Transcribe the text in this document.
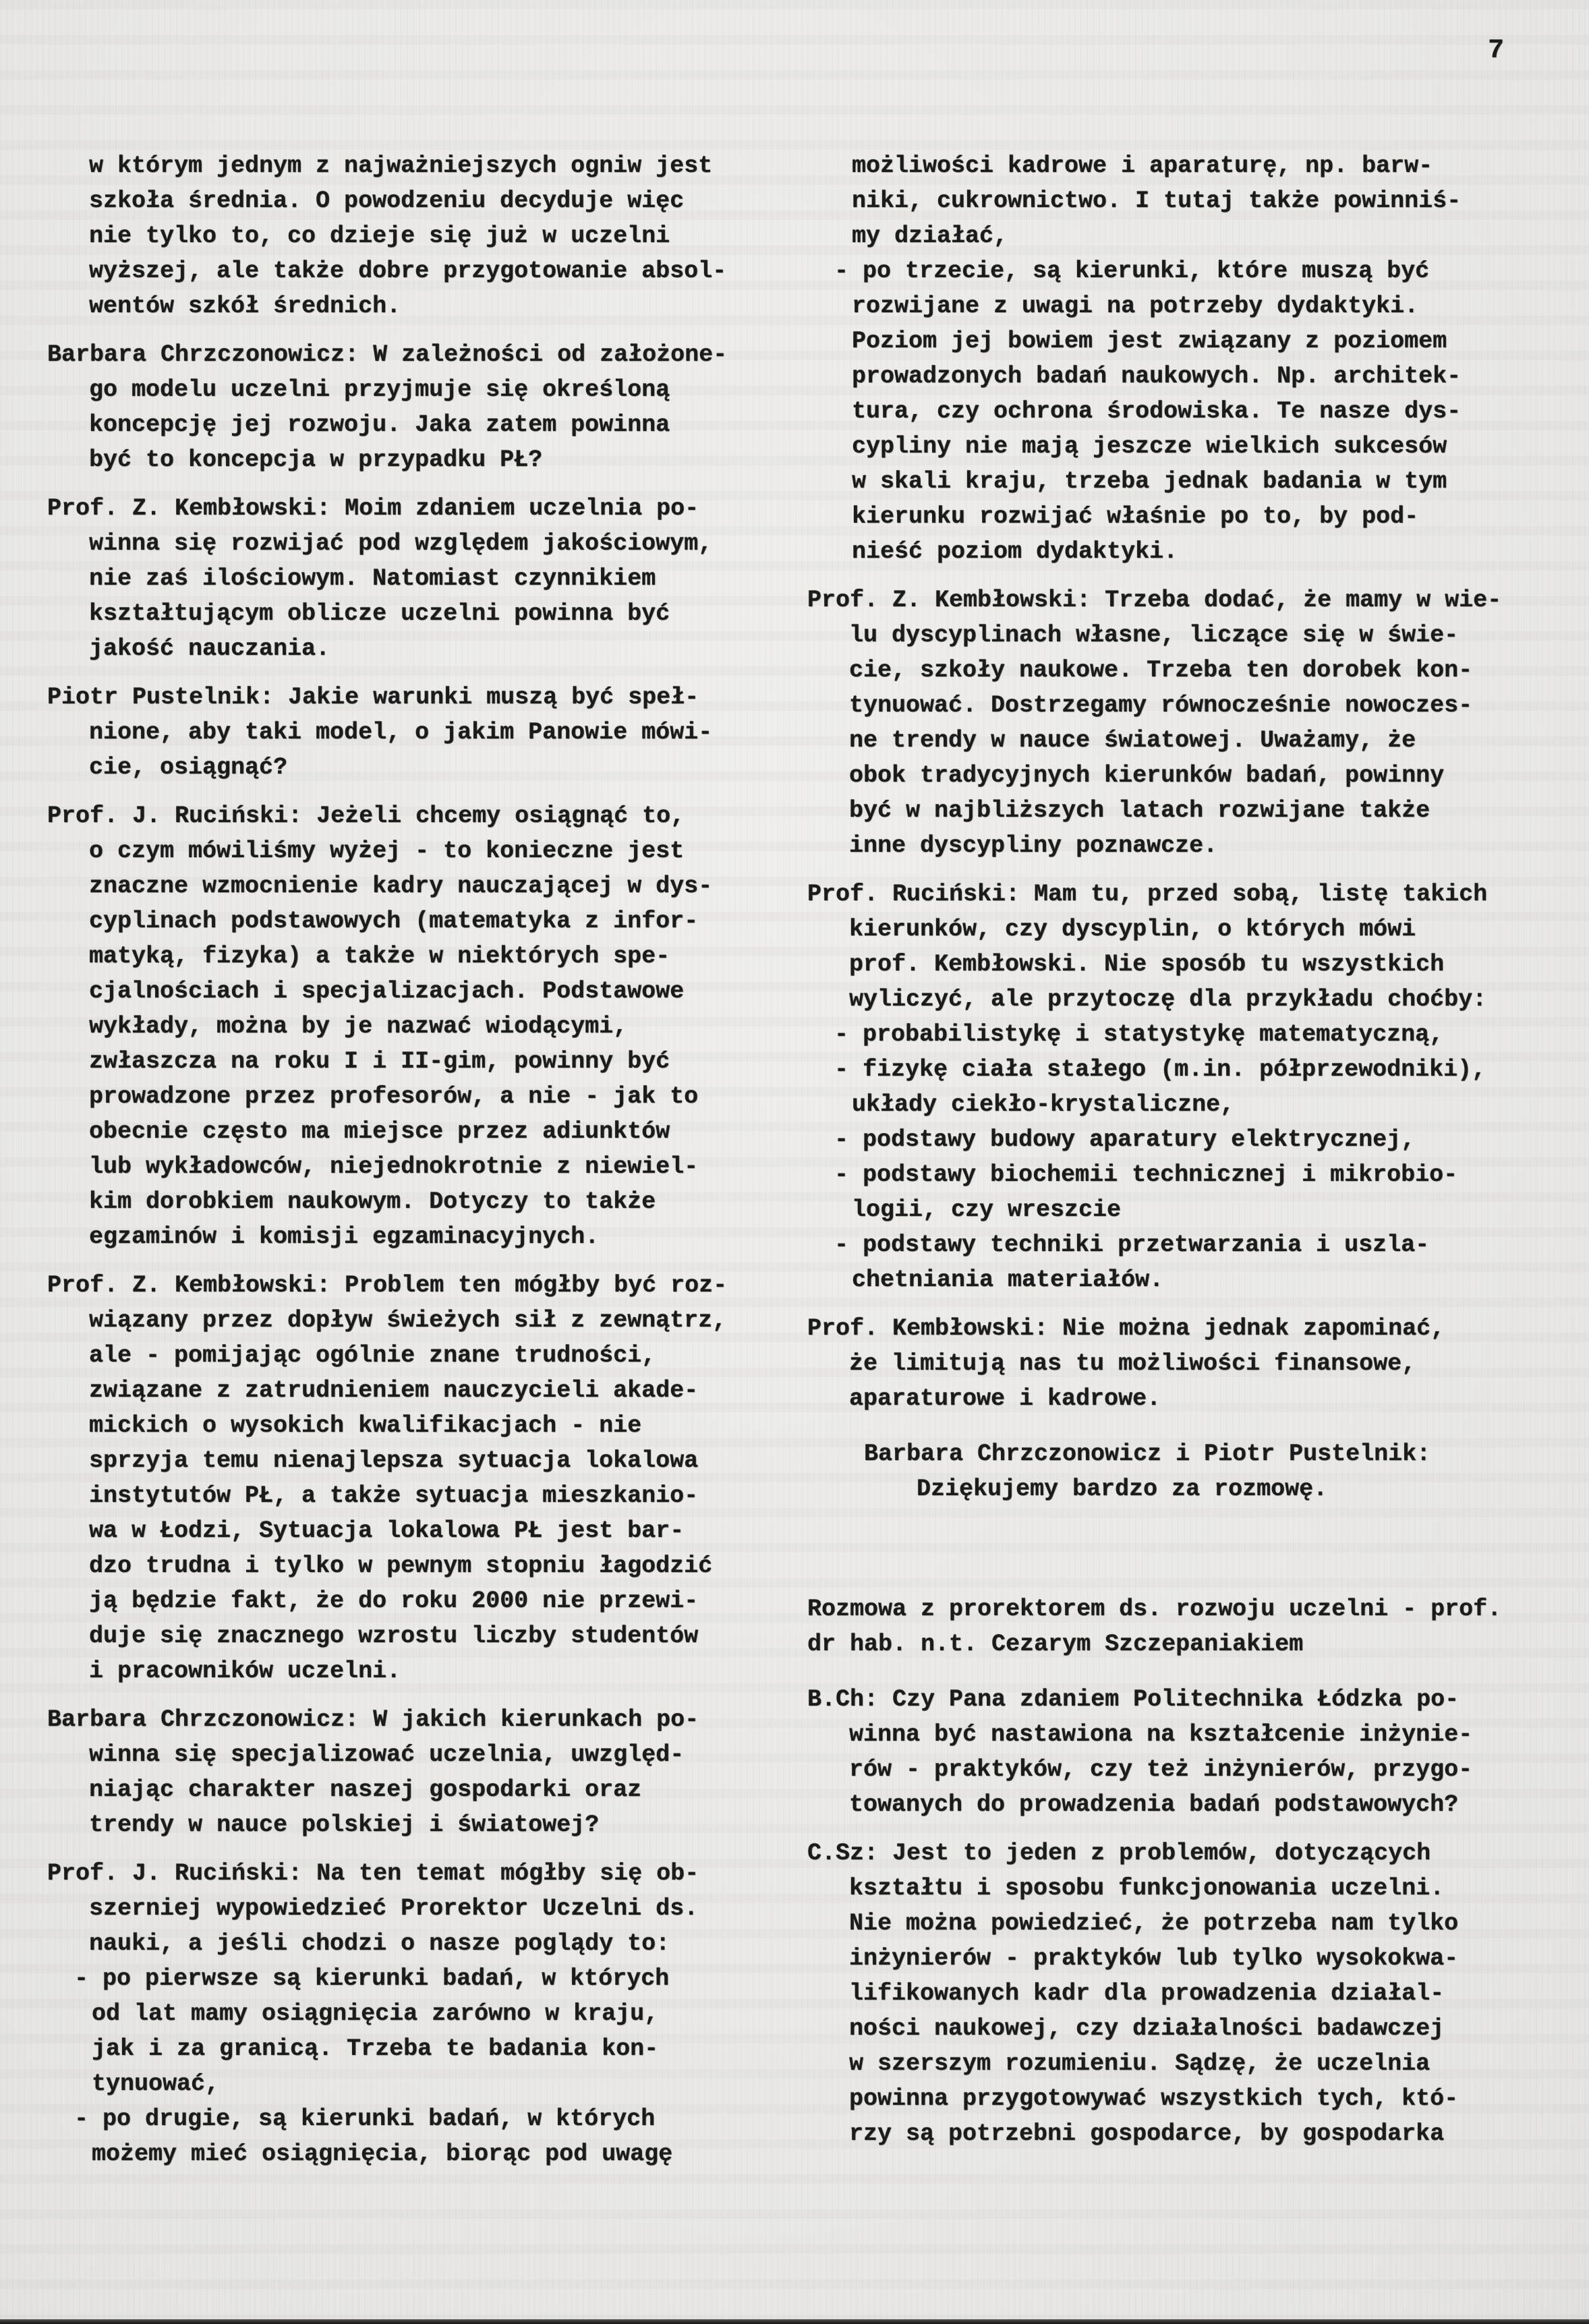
7
w którym jednym z najważniejszych ogniw jest
szkoła średnia. O powodzeniu decyduje więc
nie tylko to, co dzieje się już w uczelni
wyższej, ale także dobre przygotowanie absol-
wentów szkół średnich.
Barbara Chrzczonowicz: W zależności od założone-
go modelu uczelni przyjmuje się określoną
koncepcję jej rozwoju. Jaka zatem powinna
być to koncepcja w przypadku PŁ?
Prof. Z. Kembłowski: Moim zdaniem uczelnia po-
winna się rozwijać pod względem jakościowym,
nie zaś ilościowym. Natomiast czynnikiem
kształtującym oblicze uczelni powinna być
jakość nauczania.
Piotr Pustelnik: Jakie warunki muszą być speł-
nione, aby taki model, o jakim Panowie mówi-
cie, osiągnąć?
Prof. J. Ruciński: Jeżeli chcemy osiągnąć to,
o czym mówiliśmy wyżej - to konieczne jest
znaczne wzmocnienie kadry nauczającej w dys-
cyplinach podstawowych (matematyka z infor-
matyką, fizyka) a także w niektórych spe-
cjalnościach i specjalizacjach. Podstawowe
wykłady, można by je nazwać wiodącymi,
zwłaszcza na roku I i II-gim, powinny być
prowadzone przez profesorów, a nie - jak to
obecnie często ma miejsce przez adiunktów
lub wykładowców, niejednokrotnie z niewiel-
kim dorobkiem naukowym. Dotyczy to także
egzaminów i komisji egzaminacyjnych.
Prof. Z. Kembłowski: Problem ten mógłby być roz-
wiązany przez dopływ świeżych sił z zewnątrz,
ale - pomijając ogólnie znane trudności,
związane z zatrudnieniem nauczycieli akade-
mickich o wysokich kwalifikacjach - nie
sprzyja temu nienajlepsza sytuacja lokalowa
instytutów PŁ, a także sytuacja mieszkanio-
wa w Łodzi, Sytuacja lokalowa PŁ jest bar-
dzo trudna i tylko w pewnym stopniu łagodzić
ją będzie fakt, że do roku 2000 nie przewi-
duje się znacznego wzrostu liczby studentów
i pracowników uczelni.
Barbara Chrzczonowicz: W jakich kierunkach po-
winna się specjalizować uczelnia, uwzględ-
niając charakter naszej gospodarki oraz
trendy w nauce polskiej i światowej?
Prof. J. Ruciński: Na ten temat mógłby się ob-
szerniej wypowiedzieć Prorektor Uczelni ds.
nauki, a jeśli chodzi o nasze poglądy to:
- po pierwsze są kierunki badań, w których
od lat mamy osiągnięcia zarówno w kraju,
jak i za granicą. Trzeba te badania kon-
tynuować,
- po drugie, są kierunki badań, w których
możemy mieć osiągnięcia, biorąc pod uwagę
możliwości kadrowe i aparaturę, np. barw-
niki, cukrownictwo. I tutaj także powinniś-
my działać,
- po trzecie, są kierunki, które muszą być
rozwijane z uwagi na potrzeby dydaktyki.
Poziom jej bowiem jest związany z poziomem
prowadzonych badań naukowych. Np. architek-
tura, czy ochrona środowiska. Te nasze dys-
cypliny nie mają jeszcze wielkich sukcesów
w skali kraju, trzeba jednak badania w tym
kierunku rozwijać właśnie po to, by pod-
nieść poziom dydaktyki.
Prof. Z. Kembłowski: Trzeba dodać, że mamy w wie-
lu dyscyplinach własne, liczące się w świe-
cie, szkoły naukowe. Trzeba ten dorobek kon-
tynuować. Dostrzegamy równocześnie nowoczes-
ne trendy w nauce światowej. Uważamy, że
obok tradycyjnych kierunków badań, powinny
być w najbliższych latach rozwijane także
inne dyscypliny poznawcze.
Prof. Ruciński: Mam tu, przed sobą, listę takich
kierunków, czy dyscyplin, o których mówi
prof. Kembłowski. Nie sposób tu wszystkich
wyliczyć, ale przytoczę dla przykładu choćby:
- probabilistykę i statystykę matematyczną,
- fizykę ciała stałego (m.in. półprzewodniki),
układy ciekło-krystaliczne,
- podstawy budowy aparatury elektrycznej,
- podstawy biochemii technicznej i mikrobio-
logii, czy wreszcie
- podstawy techniki przetwarzania i uszla-
chetniania materiałów.
Prof. Kembłowski: Nie można jednak zapominać,
że limitują nas tu możliwości finansowe,
aparaturowe i kadrowe.
Barbara Chrzczonowicz i Piotr Pustelnik:
Dziękujemy bardzo za rozmowę.
Rozmowa z prorektorem ds. rozwoju uczelni - prof.
dr hab. n.t. Cezarym Szczepaniakiem
B.Ch: Czy Pana zdaniem Politechnika Łódzka po-
winna być nastawiona na kształcenie inżynie-
rów - praktyków, czy też inżynierów, przygo-
towanych do prowadzenia badań podstawowych?
C.Sz: Jest to jeden z problemów, dotyczących
kształtu i sposobu funkcjonowania uczelni.
Nie można powiedzieć, że potrzeba nam tylko
inżynierów - praktyków lub tylko wysokokwa-
lifikowanych kadr dla prowadzenia działal-
ności naukowej, czy działalności badawczej
w szerszym rozumieniu. Sądzę, że uczelnia
powinna przygotowywać wszystkich tych, któ-
rzy są potrzebni gospodarce, by gospodarka
